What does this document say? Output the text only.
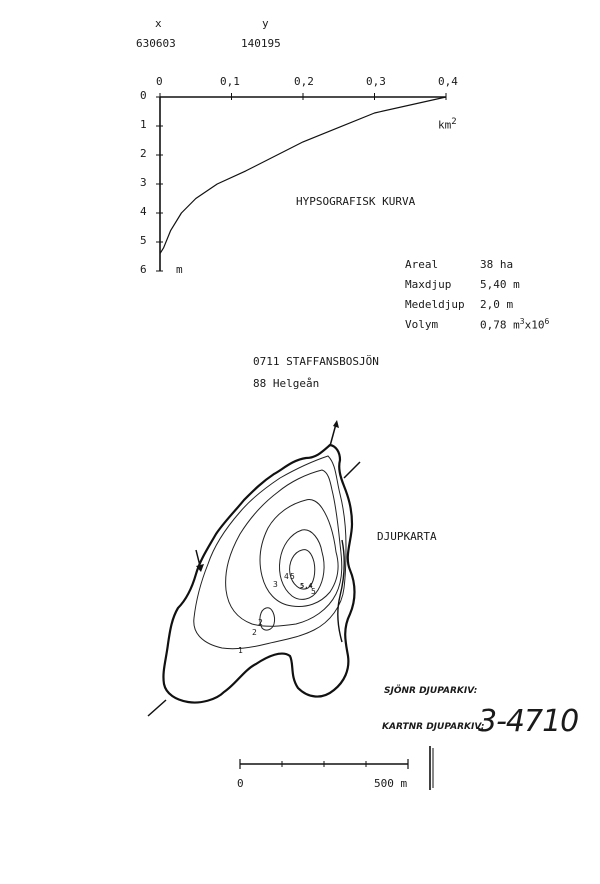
x
630603
y
140195
0	0,1	0,2	0,3	0,4
0
1
2
3
4
5
6	m
$km^2$
HYPSOGRAFISK KURVA
Areal	38 ha
Maxdjup	5,40 m
Medeldjup	2,0 m
Volym	0,78 $m^3x10^6$
0711 STAFFANSBOSJÖN
88 Helgeån
DJUPKARTA
1
2
2
3
4 5
5,4
5
SJÖNR DJUPARKIV:
KARTNR DJUPARKIV:
3-4710
0	500 m
